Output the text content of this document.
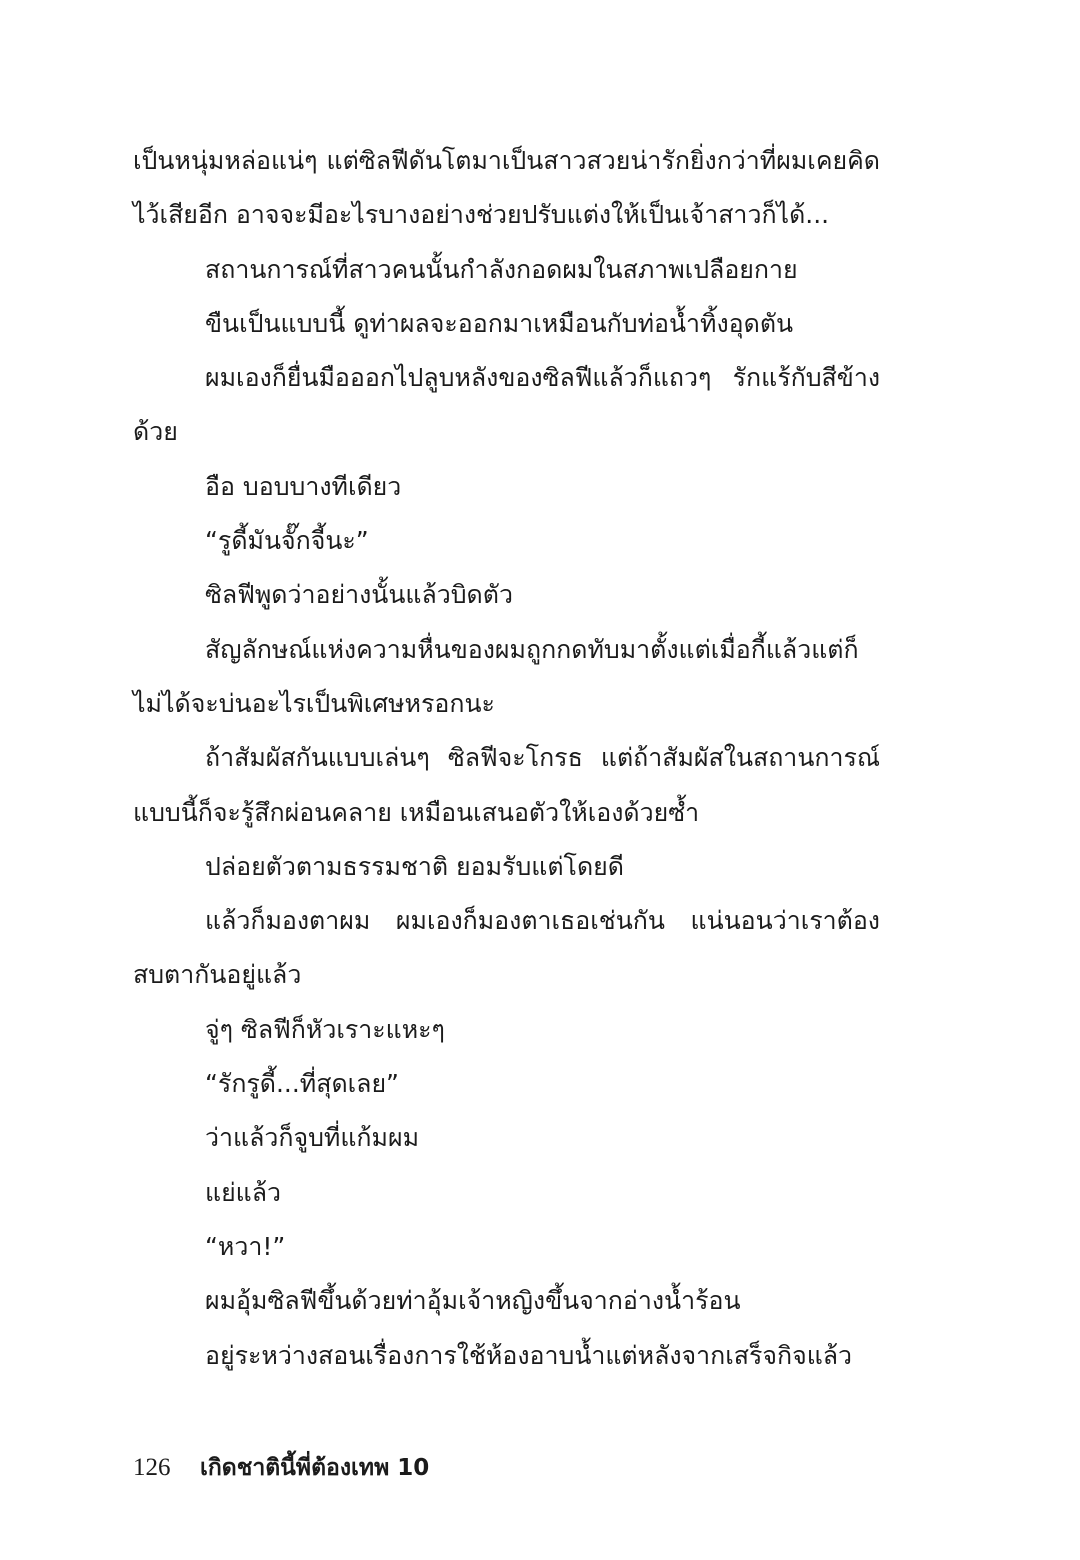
เป็นหนุ่มหล่อแน่ๆ แต่ซิลฟีดันโตมาเป็นสาวสวยน่ารักยิ่งกว่าที่ผมเคยคิด
ไว้เสียอีก อาจจะมีอะไรบางอย่างช่วยปรับแต่งให้เป็นเจ้าสาวก็ได้...
สถานการณ์ที่สาวคนนั้นกำลังกอดผมในสภาพเปลือยกาย
ขืนเป็นแบบนี้ ดูท่าผลจะออกมาเหมือนกับท่อน้ำทิ้งอุดตัน
ผมเองก็ยื่นมือออกไปลูบหลังของซิลฟีแล้วก็แถวๆ รักแร้กับสีข้าง
ด้วย
อือ บอบบางทีเดียว
“รูดี้มันจั๊กจี้นะ”
ซิลฟีพูดว่าอย่างนั้นแล้วบิดตัว
สัญลักษณ์แห่งความหื่นของผมถูกกดทับมาตั้งแต่เมื่อกี้แล้วแต่ก็
ไม่ได้จะบ่นอะไรเป็นพิเศษหรอกนะ
ถ้าสัมผัสกันแบบเล่นๆ ซิลฟีจะโกรธ แต่ถ้าสัมผัสในสถานการณ์
แบบนี้ก็จะรู้สึกผ่อนคลาย เหมือนเสนอตัวให้เองด้วยซ้ำ
ปล่อยตัวตามธรรมชาติ ยอมรับแต่โดยดี
แล้วก็มองตาผม ผมเองก็มองตาเธอเช่นกัน แน่นอนว่าเราต้อง
สบตากันอยู่แล้ว
จู่ๆ ซิลฟีก็หัวเราะแหะๆ
“รักรูดี้...ที่สุดเลย”
ว่าแล้วก็จูบที่แก้มผม
แย่แล้ว
“หวา!”
ผมอุ้มซิลฟีขึ้นด้วยท่าอุ้มเจ้าหญิงขึ้นจากอ่างน้ำร้อน
อยู่ระหว่างสอนเรื่องการใช้ห้องอาบน้ำแต่หลังจากเสร็จกิจแล้ว
126 เกิดชาตินี้พี่ต้องเทพ 10
